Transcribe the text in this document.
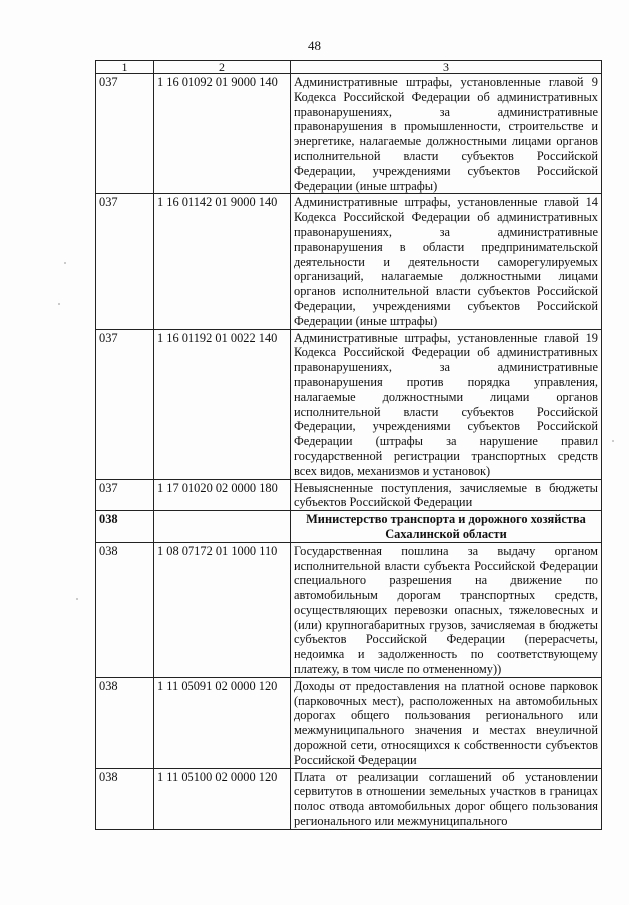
48
1	2	3
037	1 16 01092 01 9000 140	Административные штрафы, установленные главой 9 Кодекса Российской Федерации об административных правонарушениях, за административные правонарушения в промышленности, строительстве и энергетике, налагаемые должностными лицами органов исполнительной власти субъектов Российской Федерации, учреждениями субъектов Российской Федерации (иные штрафы)
037	1 16 01142 01 9000 140	Административные штрафы, установленные главой 14 Кодекса Российской Федерации об административных правонарушениях, за административные правонарушения в области предпринимательской деятельности и деятельности саморегулируемых организаций, налагаемые должностными лицами органов исполнительной власти субъектов Российской Федерации, учреждениями субъектов Российской Федерации (иные штрафы)
037	1 16 01192 01 0022 140	Административные штрафы, установленные главой 19 Кодекса Российской Федерации об административных правонарушениях, за административные правонарушения против порядка управления, налагаемые должностными лицами органов исполнительной власти субъектов Российской Федерации, учреждениями субъектов Российской Федерации (штрафы за нарушение правил государственной регистрации транспортных средств всех видов, механизмов и установок)
037	1 17 01020 02 0000 180	Невыясненные поступления, зачисляемые в бюджеты субъектов Российской Федерации
038		Министерство транспорта и дорожного хозяйства Сахалинской области
038	1 08 07172 01 1000 110	Государственная пошлина за выдачу органом исполнительной власти субъекта Российской Федерации специального разрешения на движение по автомобильным дорогам транспортных средств, осуществляющих перевозки опасных, тяжеловесных и (или) крупногабаритных грузов, зачисляемая в бюджеты субъектов Российской Федерации (перерасчеты, недоимка и задолженность по соответствующему платежу, в том числе по отмененному))
038	1 11 05091 02 0000 120	Доходы от предоставления на платной основе парковок (парковочных мест), расположенных на автомобильных дорогах общего пользования регионального или межмуниципального значения и местах внеуличной дорожной сети, относящихся к собственности субъектов Российской Федерации
038	1 11 05100 02 0000 120	Плата от реализации соглашений об установлении сервитутов в отношении земельных участков в границах полос отвода автомобильных дорог общего пользования регионального или межмуниципального
